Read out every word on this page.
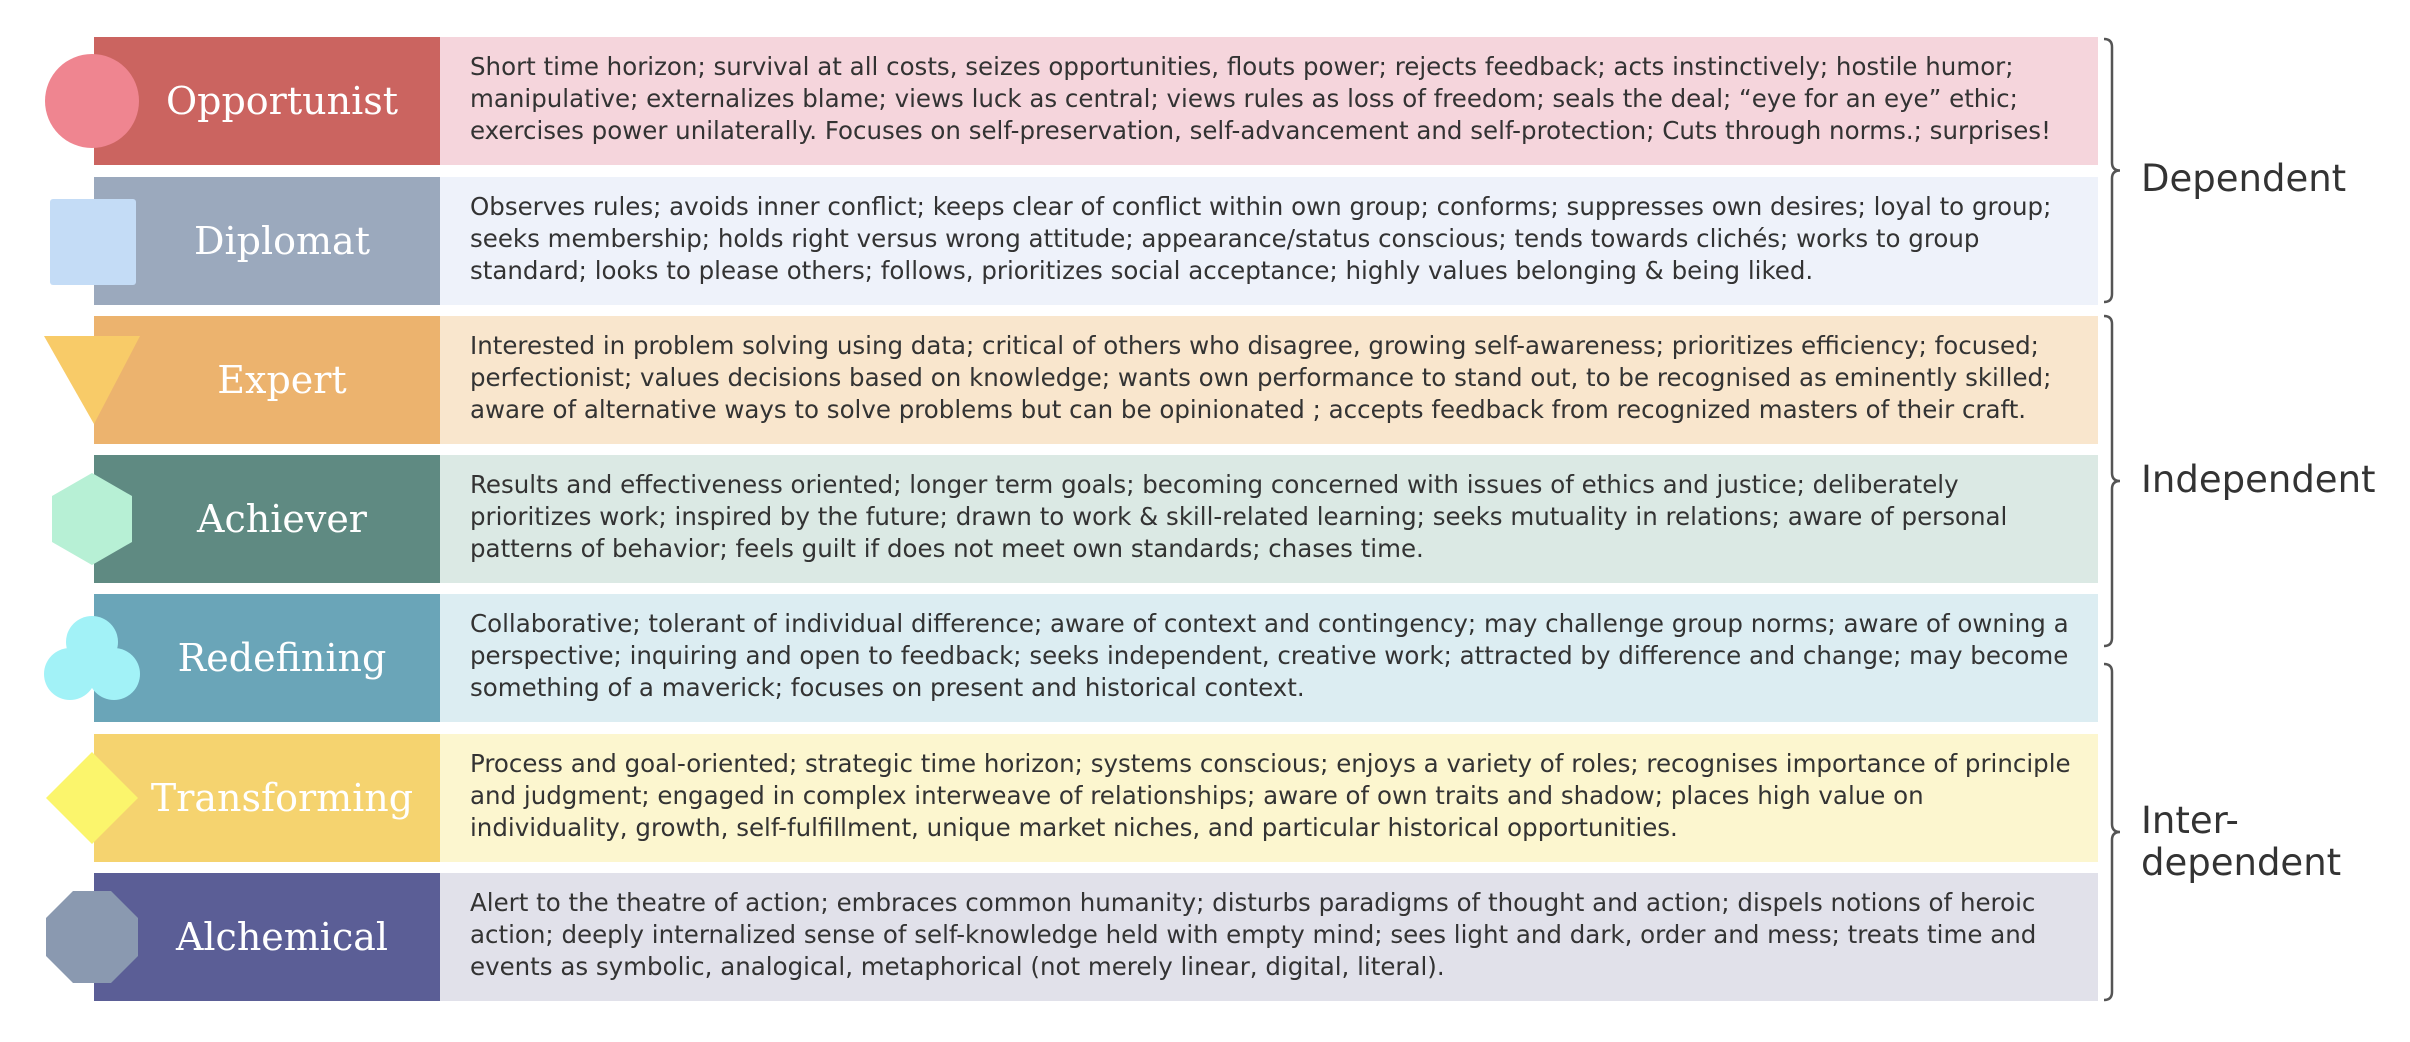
Opportunist
Short time horizon; survival at all costs, seizes opportunities, flouts power; rejects feedback; acts instinctively; hostile humor; manipulative; externalizes blame; views luck as central; views rules as loss of freedom; seals the deal; “eye for an eye” ethic; exercises power unilaterally. Focuses on self-preservation, self-advancement and self-protection; Cuts through norms.; surprises!
Diplomat
Observes rules; avoids inner conflict; keeps clear of conflict within own group; conforms; suppresses own desires; loyal to group; seeks membership; holds right versus wrong attitude; appearance/status conscious; tends towards clichés; works to group standard; looks to please others; follows, prioritizes social acceptance; highly values belonging & being liked.
Expert
Interested in problem solving using data; critical of others who disagree, growing self-awareness; prioritizes efficiency; focused; perfectionist; values decisions based on knowledge; wants own performance to stand out, to be recognised as eminently skilled; aware of alternative ways to solve problems but can be opinionated ; accepts feedback from recognized masters of their craft.
Achiever
Results and effectiveness oriented; longer term goals; becoming concerned with issues of ethics and justice; deliberately prioritizes work; inspired by the future; drawn to work & skill-related learning; seeks mutuality in relations; aware of personal patterns of behavior; feels guilt if does not meet own standards; chases time.
Redefining
Collaborative; tolerant of individual difference; aware of context and contingency; may challenge group norms; aware of owning a perspective; inquiring and open to feedback; seeks independent, creative work; attracted by difference and change; may become something of a maverick; focuses on present and historical context.
Transforming
Process and goal-oriented; strategic time horizon; systems conscious; enjoys a variety of roles; recognises importance of principle and judgment; engaged in complex interweave of relationships; aware of own traits and shadow; places high value on individuality, growth, self-fulfillment, unique market niches, and particular historical opportunities.
Alchemical
Alert to the theatre of action; embraces common humanity; disturbs paradigms of thought and action; dispels notions of heroic action; deeply internalized sense of self-knowledge held with empty mind; sees light and dark, order and mess; treats time and events as symbolic, analogical, metaphorical (not merely linear, digital, literal).
Dependent
Independent
Inter-
dependent
